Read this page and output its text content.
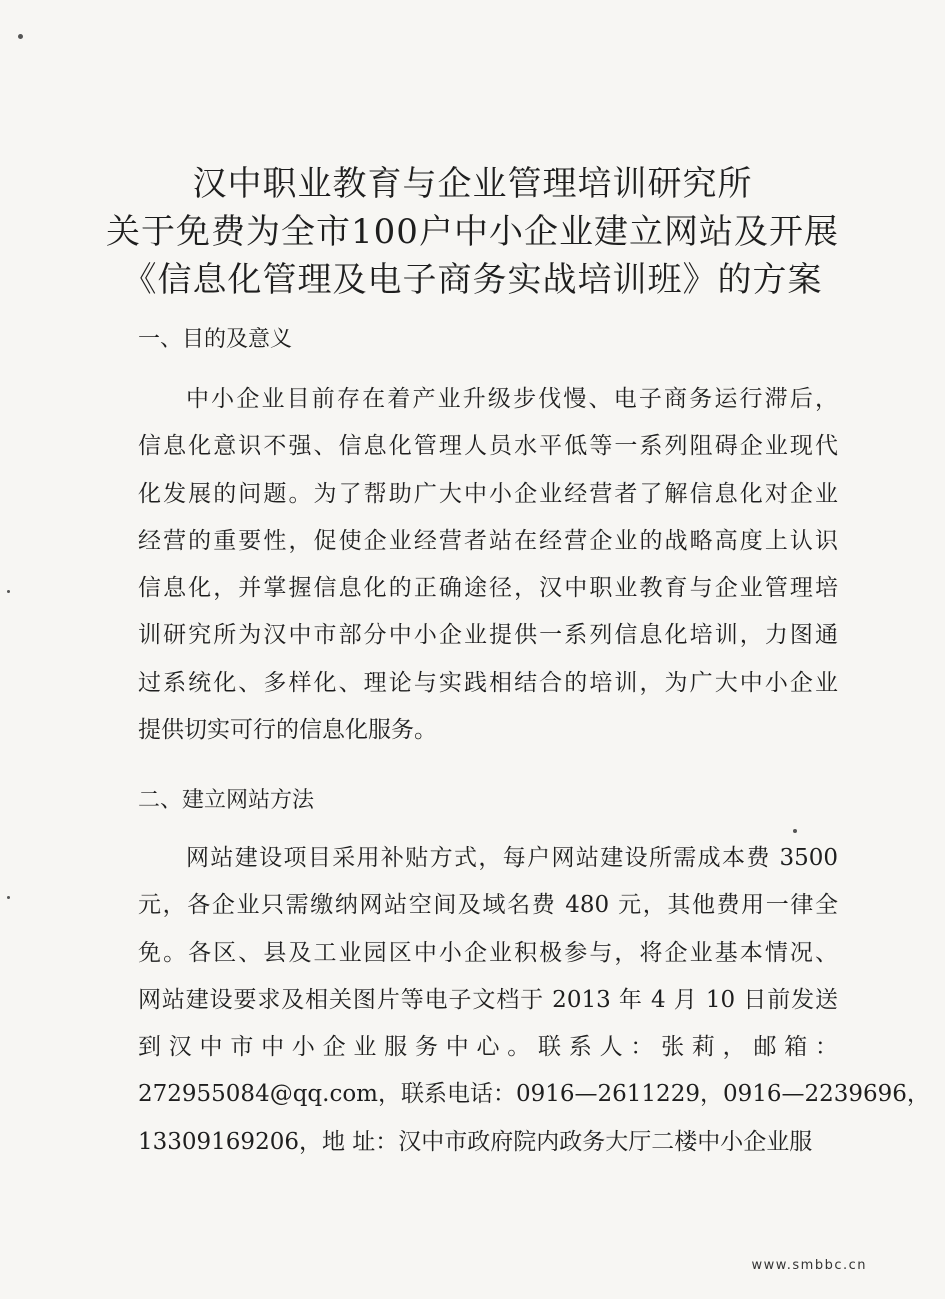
汉中职业教育与企业管理培训研究所
关于免费为全市100户中小企业建立网站及开展
《信息化管理及电子商务实战培训班》的方案
一、目的及意义
中小企业目前存在着产业升级步伐慢、电子商务运行滞后，
信息化意识不强、信息化管理人员水平低等一系列阻碍企业现代
化发展的问题。为了帮助广大中小企业经营者了解信息化对企业
经营的重要性，促使企业经营者站在经营企业的战略高度上认识
信息化，并掌握信息化的正确途径，汉中职业教育与企业管理培
训研究所为汉中市部分中小企业提供一系列信息化培训，力图通
过系统化、多样化、理论与实践相结合的培训，为广大中小企业
提供切实可行的信息化服务。
二、建立网站方法
网站建设项目采用补贴方式，每户网站建设所需成本费 3500
元，各企业只需缴纳网站空间及域名费 480 元，其他费用一律全
免。各区、县及工业园区中小企业积极参与，将企业基本情况、
网站建设要求及相关图片等电子文档于 2013 年 4 月 10 日前发送
到汉中市中小企业服务中心。联系人：张莉，邮箱：
272955084@qq.com，联系电话：0916—2611229，0916—2239696，
13309169206，地 址：汉中市政府院内政务大厅二楼中小企业服
www.smbbc.cn
